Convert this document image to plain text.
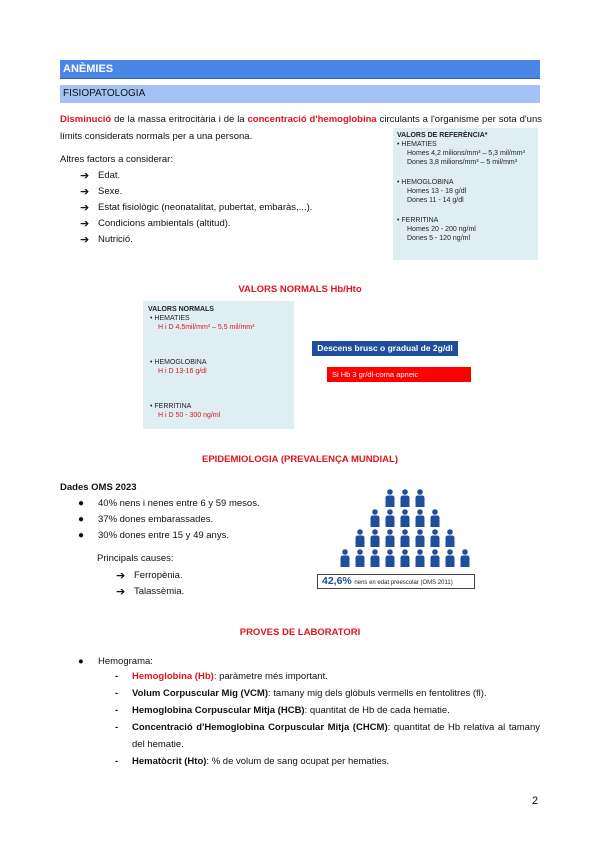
ANÈMIES
FISIOPATOLOGIA
Disminució de la massa eritrocitària i de la concentració d'hemoglobina circulants a l'organisme per sota d'uns límits considerats normals per a una persona.
Altres factors a considerar:
➔ Edat.
➔ Sexe.
➔ Estat fisiològic (neonatalitat, pubertat, embaràs,...).
➔ Condicions ambientals (altitud).
➔ Nutrició.
VALORS DE REFERÈNCIA*
• HEMATIES
Homes 4,2 milions/mm³ – 5,3 mil/mm³
Dones 3,8 milions/mm³ – 5 mil/mm³
• HEMOGLOBINA
Homes 13 - 18 g/dl
Dones 11 - 14 g/dl
• FERRITINA
Homes 20 - 200 ng/ml
Dones 5 - 120 ng/ml
VALORS NORMALS Hb/Hto
VALORS NORMALS
• HEMATIES
H i D 4,5mil/mm³ – 5,5 mil/mm³
• HEMOGLOBINA
H i D 13-16 g/dl
• FERRITINA
H i D 50 - 300 ng/ml
Descens brusc o gradual de 2g/dl
Si Hb 3 gr/dl-coma apneic
EPIDEMIOLOGIA (PREVALENÇA MUNDIAL)
Dades OMS 2023
● 40% nens i nenes entre 6 y 59 mesos.
● 37% dones embarassades.
● 30% dones entre 15 y 49 anys.
Principals causes:
➔ Ferropènia.
➔ Talassèmia.
42,6% nens en edat preescolar (OMS 2011)
PROVES DE LABORATORI
● Hemograma:
- Hemoglobina (Hb): paràmetre més important.
- Volum Corpuscular Mig (VCM): tamany mig dels glòbuls vermells en fentolitres (fl).
- Hemoglobina Corpuscular Mitja (HCB): quantitat de Hb de cada hematie.
- Concentració d'Hemoglobina Corpuscular Mitja (CHCM): quantitat de Hb relativa al tamany del hematie.
- Hematòcrit (Hto): % de volum de sang ocupat per hematies.
2
